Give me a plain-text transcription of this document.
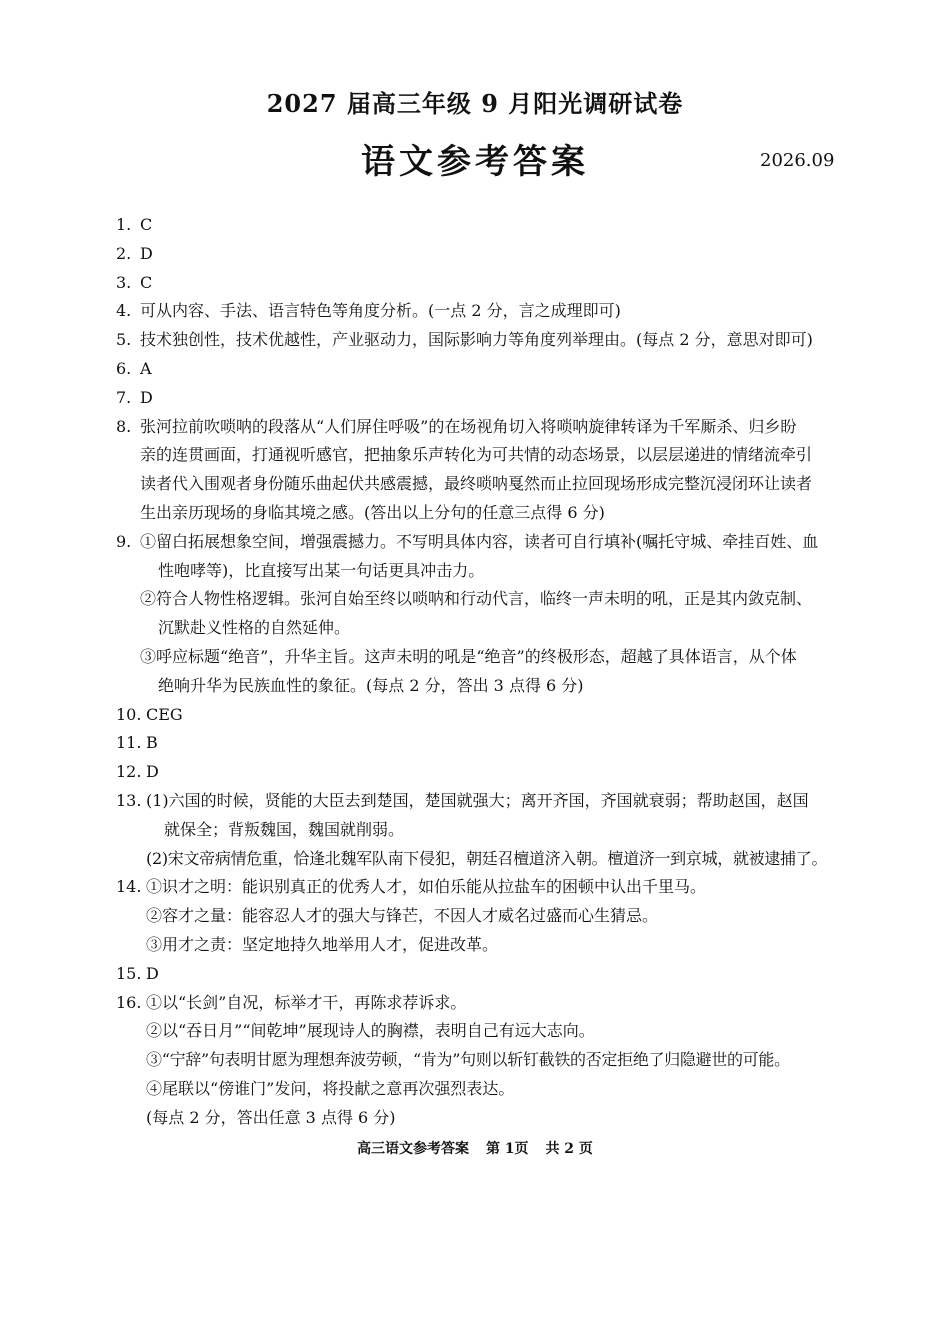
2027 届高三年级 9 月阳光调研试卷
语文参考答案	2026.09
1. C
2. D
3. C
4. 可从内容、手法、语言特色等角度分析。(一点 2 分，言之成理即可)
5. 技术独创性，技术优越性，产业驱动力，国际影响力等角度列举理由。(每点 2 分，意思对即可)
6. A
7. D
8. 张河拉前吹唢呐的段落从“人们屏住呼吸”的在场视角切入将唢呐旋律转译为千军厮杀、归乡盼
亲的连贯画面，打通视听感官，把抽象乐声转化为可共情的动态场景，以层层递进的情绪流牵引
读者代入围观者身份随乐曲起伏共感震撼，最终唢呐戛然而止拉回现场形成完整沉浸闭环让读者
生出亲历现场的身临其境之感。(答出以上分句的任意三点得 6 分)
9. ①留白拓展想象空间，增强震撼力。不写明具体内容，读者可自行填补(嘱托守城、牵挂百姓、血
性咆哮等)，比直接写出某一句话更具冲击力。
②符合人物性格逻辑。张河自始至终以唢呐和行动代言，临终一声未明的吼，正是其内敛克制、
沉默赴义性格的自然延伸。
③呼应标题“绝音”，升华主旨。这声未明的吼是“绝音”的终极形态，超越了具体语言，从个体
绝响升华为民族血性的象征。(每点 2 分，答出 3 点得 6 分)
10. CEG
11. B
12. D
13. (1)六国的时候，贤能的大臣去到楚国，楚国就强大；离开齐国，齐国就衰弱；帮助赵国，赵国
就保全；背叛魏国，魏国就削弱。
(2)宋文帝病情危重，恰逢北魏军队南下侵犯，朝廷召檀道济入朝。檀道济一到京城，就被逮捕了。
14. ①识才之明：能识别真正的优秀人才，如伯乐能从拉盐车的困顿中认出千里马。
②容才之量：能容忍人才的强大与锋芒，不因人才威名过盛而心生猜忌。
③用才之责：坚定地持久地举用人才，促进改革。
15. D
16. ①以“长剑”自况，标举才干，再陈求荐诉求。
②以“吞日月”“间乾坤”展现诗人的胸襟，表明自己有远大志向。
③“宁辞”句表明甘愿为理想奔波劳顿，“肯为”句则以斩钉截铁的否定拒绝了归隐避世的可能。
④尾联以“傍谁门”发问，将投献之意再次强烈表达。
(每点 2 分，答出任意 3 点得 6 分)
高三语文参考答案 第 1页 共 2 页
